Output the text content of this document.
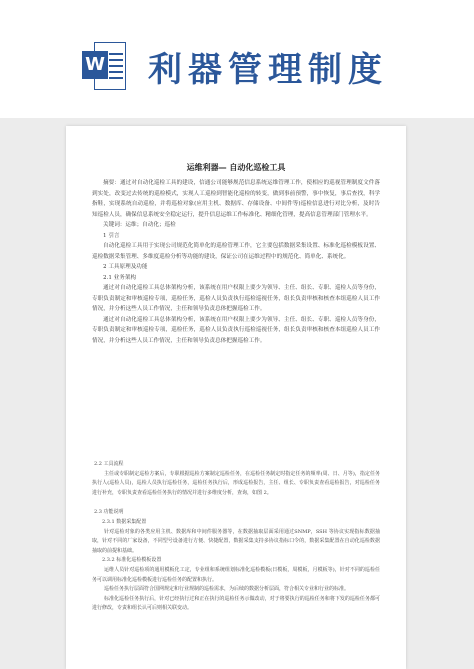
W 利器管理制度
运维利器— 自动化巡检工具

摘要：通过对自动化巡检工具的建设，信通公司能够规范信息系统运维管理工作，使相应的巡视管理制度文件落到实处，改变过去传统的巡检模式，实现人工巡检到智能化巡检的转变，做到事前预警，事中恢复，事后查找，科学指鞋，实现系统自动巡检，并将巡检对象(应用主机、数据库、存储设备、中间件等)巡检信息进行对比分析，及时告知巡检人员，确保信息系统安全稳定运行，提升信息运维工作标准化、精细化管理，提高信息管理部门管理水平。

关键词：运维；自动化；巡检

1 引言

自动化巡检工具用于实现公司规范化简单化的巡检管理工作，它主要包括数据采集设置、标准化巡检模板设置、巡检数据采集管理、多维度巡检分析等功能的建设，保证公司在运维过程中的规范化、简单化、系统化。

2 工具原理及功能

2.1 业务架构

通过对自动化巡检工具总体架构分析，该系统在用户权限上要少为领导、主任、组长、专职、巡检人员等身份，专职负责制定和审核巡检专项，巡检任务，巡检人员负责执行巡检巡视任务，组长负责审核和核查本组巡检人员工作情况，并分析这些人员工作情况，主任和领导负责总体把握巡检工作。

通过对自动化巡检工具总体架构分析，该系统在用户权限上要少为领导、主任、组长、专职、巡检人员等身份，专职负责制定和审核巡检专项，巡检任务，巡检人员负责执行巡检巡视任务，组长负责审核和核查本组巡检人员工作情况，并分析这些人员工作情况，主任和领导负责总体把握巡检工作。

2.2 工具流程

主任或专职制定巡检方案后，专职根据巡检方案制定巡检任务，在巡检任务制定时指定任务的频率(周、日、月等)，指定任务执行人(巡检人员)，巡检人员执行巡检任务，巡检任务执行后，形成巡检报告，主任、组长、专职负责查看巡检报告，对巡检任务进行补充，专职负责查看巡检任务执行的情况并进行多维度分析，查询，如图 2。

2.3 功能说明

2.3.1 数据采集配置

针对巡检对象的各类应用主机、数据库和中间件服务器等，在数据抽取层面采用通过SNMP，SSH 等协议实现指标数据抽取，针对不同的厂家设备，不同型号设备进行方便、快捷配置，数据采集支持多协议指标口令的，数据采集配置在自动化巡检数据抽取的前提和基础。

2.3.2 标准化巡检模板设置

运维人员针对巡检项的通用模板化工定，专业组和系统组划标准化巡检模板(日模板，周模板，月模板等)，针对不同的巡检任务可以调用标准化巡检模板进行巡检任务的配置和执行。

巡检任务执行层面符合国网规定和行业规制的巡检需求，为后续的数据分析层面，符合相关专业和行业的标准。

标准化巡检任务执行后，针对已经执行过和正在执行的巡检任务示做改动，对于将要执行的巡检任务和将下发的巡检任务都可进行修改，专责和组长认可后则相关联变动。
